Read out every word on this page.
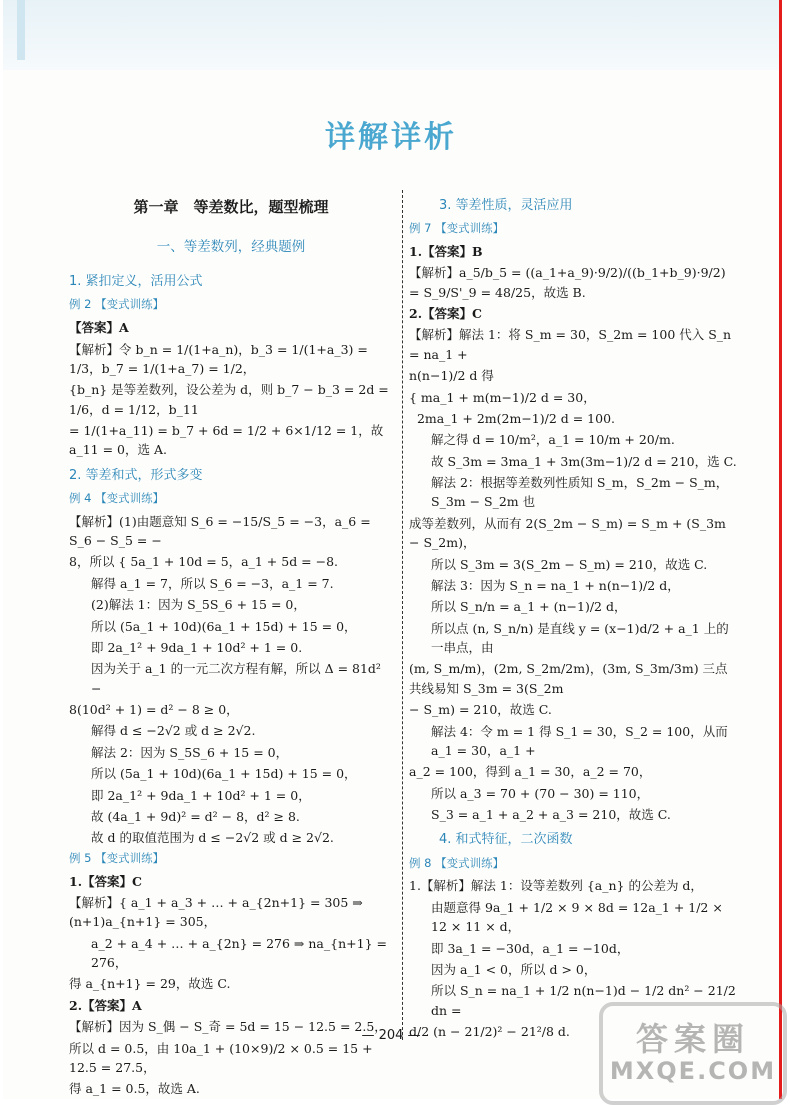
详解详析
第一章　等差数比，题型梳理
一、等差数列，经典题例
1. 紧扣定义，活用公式
例 2 【变式训练】
【答案】A
【解析】令 b_n = 1/(1+a_n)，b_3 = 1/(1+a_3) = 1/3，b_7 = 1/(1+a_7) = 1/2，
{b_n} 是等差数列，设公差为 d，则 b_7 − b_3 = 2d = 1/6，d = 1/12，b_11
= 1/(1+a_11) = b_7 + 6d = 1/2 + 6×1/12 = 1，故 a_11 = 0，选 A.
2. 等差和式，形式多变
例 4 【变式训练】
【解析】(1)由题意知 S_6 = −15/S_5 = −3，a_6 = S_6 − S_5 = −
8，所以 { 5a_1 + 10d = 5，a_1 + 5d = −8.
解得 a_1 = 7，所以 S_6 = −3，a_1 = 7.
(2)解法 1：因为 S_5S_6 + 15 = 0，
所以 (5a_1 + 10d)(6a_1 + 15d) + 15 = 0，
即 2a_1² + 9da_1 + 10d² + 1 = 0.
因为关于 a_1 的一元二次方程有解，所以 Δ = 81d² −
8(10d² + 1) = d² − 8 ≥ 0，
解得 d ≤ −2√2 或 d ≥ 2√2.
解法 2：因为 S_5S_6 + 15 = 0，
所以 (5a_1 + 10d)(6a_1 + 15d) + 15 = 0，
即 2a_1² + 9da_1 + 10d² + 1 = 0，
故 (4a_1 + 9d)² = d² − 8，d² ≥ 8.
故 d 的取值范围为 d ≤ −2√2 或 d ≥ 2√2.
例 5 【变式训练】
1.【答案】C
【解析】{ a_1 + a_3 + … + a_{2n+1} = 305 ⇒ (n+1)a_{n+1} = 305，
a_2 + a_4 + … + a_{2n} = 276 ⇒ na_{n+1} = 276，
得 a_{n+1} = 29，故选 C.
2.【答案】A
【解析】因为 S_偶 − S_奇 = 5d = 15 − 12.5 = 2.5，
所以 d = 0.5，由 10a_1 + (10×9)/2 × 0.5 = 15 + 12.5 = 27.5，
得 a_1 = 0.5，故选 A.
3. 等差性质，灵活应用
例 7 【变式训练】
1.【答案】B
【解析】a_5/b_5 = ((a_1+a_9)·9/2)/((b_1+b_9)·9/2) = S_9/S'_9 = 48/25，故选 B.
2.【答案】C
【解析】解法 1：将 S_m = 30，S_2m = 100 代入 S_n = na_1 +
n(n−1)/2 d 得
{ ma_1 + m(m−1)/2 d = 30，
2ma_1 + 2m(2m−1)/2 d = 100.
解之得 d = 10/m²，a_1 = 10/m + 20/m.
故 S_3m = 3ma_1 + 3m(3m−1)/2 d = 210，选 C.
解法 2：根据等差数列性质知 S_m，S_2m − S_m，S_3m − S_2m 也
成等差数列，从而有 2(S_2m − S_m) = S_m + (S_3m − S_2m)，
所以 S_3m = 3(S_2m − S_m) = 210，故选 C.
解法 3：因为 S_n = na_1 + n(n−1)/2 d，
所以 S_n/n = a_1 + (n−1)/2 d，
所以点 (n, S_n/n) 是直线 y = (x−1)d/2 + a_1 上的一串点，由
(m, S_m/m)，(2m, S_2m/2m)，(3m, S_3m/3m) 三点共线易知 S_3m = 3(S_2m
− S_m) = 210，故选 C.
解法 4：令 m = 1 得 S_1 = 30，S_2 = 100，从而 a_1 = 30，a_1 +
a_2 = 100，得到 a_1 = 30，a_2 = 70，
所以 a_3 = 70 + (70 − 30) = 110，
S_3 = a_1 + a_2 + a_3 = 210，故选 C.
4. 和式特征，二次函数
例 8 【变式训练】
1.【解析】解法 1：设等差数列 {a_n} 的公差为 d，
由题意得 9a_1 + 1/2 × 9 × 8d = 12a_1 + 1/2 × 12 × 11 × d，
即 3a_1 = −30d，a_1 = −10d，
因为 a_1 < 0，所以 d > 0，
所以 S_n = na_1 + 1/2 n(n−1)d − 1/2 dn² − 21/2 dn =
d/2 (n − 21/2)² − 21²/8 d.
— 204 —	答案圈
MXQE.COM
